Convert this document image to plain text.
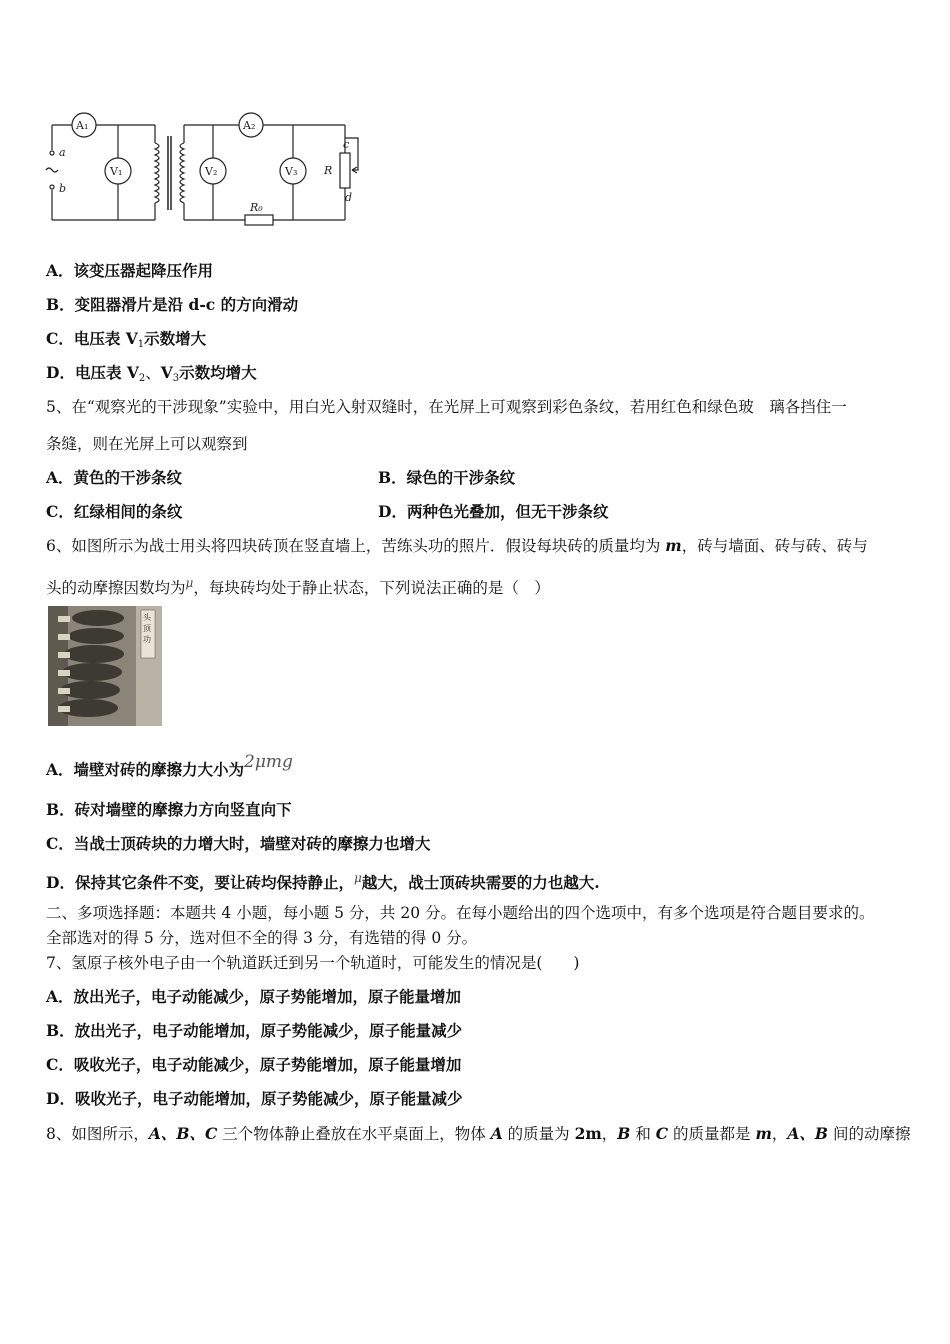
A₁	A₂
V₁	V₂	V₃
a
b
c
d
R
R₀
A．该变压器起降压作用
B．变阻器滑片是沿 d-c 的方向滑动
C．电压表 $V_1$示数增大
D．电压表 $V_2$、$V_3$示数均增大
5、在“观察光的干涉现象”实验中，用白光入射双缝时，在光屏上可观察到彩色条纹，若用红色和绿色玻　璃各挡住一
条缝，则在光屏上可以观察到
A．黄色的干涉条纹	B．绿色的干涉条纹
C．红绿相间的条纹	D．两种色光叠加，但无干涉条纹
6、如图所示为战士用头将四块砖顶在竖直墙上，苦练头功的照片．假设每块砖的质量均为 m，砖与墙面、砖与砖、砖与
头的动摩擦因数均为$^\mu$，每块砖均处于静止状态，下列说法正确的是（　）
头 顶 功
A．墙壁对砖的摩擦力大小为2μmg
B．砖对墙壁的摩擦力方向竖直向下
C．当战士顶砖块的力增大时，墙壁对砖的摩擦力也增大
D．保持其它条件不变，要让砖均保持静止，$^\mu$越大，战士顶砖块需要的力也越大.
二、多项选择题：本题共 4 小题，每小题 5 分，共 20 分。在每小题给出的四个选项中，有多个选项是符合题目要求的。
全部选对的得 5 分，选对但不全的得 3 分，有选错的得 0 分。
7、氢原子核外电子由一个轨道跃迁到另一个轨道时，可能发生的情况是(　　)
A．放出光子，电子动能减少，原子势能增加，原子能量增加
B．放出光子，电子动能增加，原子势能减少，原子能量减少
C．吸收光子，电子动能减少，原子势能增加，原子能量增加
D．吸收光子，电子动能增加，原子势能减少，原子能量减少
8、如图所示，A、B、C 三个物体静止叠放在水平桌面上，物体 A 的质量为 2m，B 和 C 的质量都是 m，A、B 间的动摩擦
